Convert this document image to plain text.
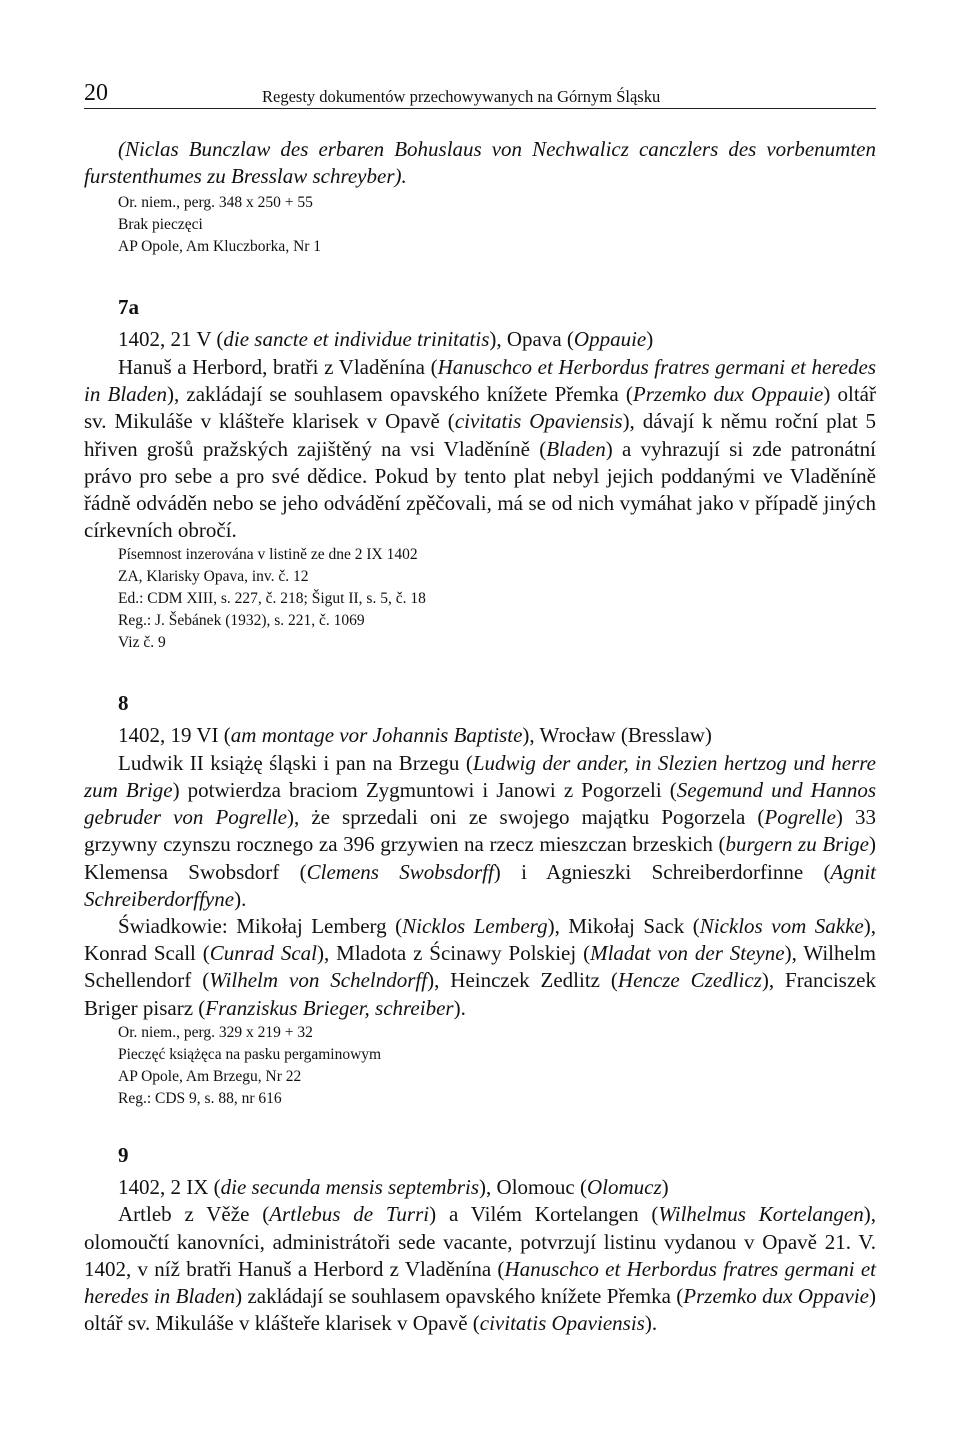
20	Regesty dokumentów przechowywanych na Górnym Śląsku

(Niclas Bunczlaw des erbaren Bohuslaus von Nechwalicz canczlers des vorbenumten furstenthumes zu Bresslaw schreyber).

Or. niem., perg. 348 x 250 + 55
Brak pieczęci
AP Opole, Am Kluczborka, Nr 1
7a
1402, 21 V (die sancte et individue trinitatis), Opava (Oppauie)

Hanuš a Herbord, bratři z Vladěnína (Hanuschco et Herbordus fratres germani et heredes in Bladen), zakládají se souhlasem opavského knížete Přemka (Przemko dux Oppauie) oltář sv. Mikuláše v klášteře klarisek v Opavě (civitatis Opaviensis), dávají k němu roční plat 5 hřiven grošů pražských zajištěný na vsi Vladěníně (Bladen) a vyhrazují si zde patronátní právo pro sebe a pro své dědice. Pokud by tento plat nebyl jejich poddanými ve Vladěníně řádně odváděn nebo se jeho odvádění zpěčovali, má se od nich vymáhat jako v případě jiných církevních obročí.

Písemnost inzerována v listině ze dne 2 IX 1402
ZA, Klarisky Opava, inv. č. 12
Ed.: CDM XIII, s. 227, č. 218; Šigut II, s. 5, č. 18
Reg.: J. Šebánek (1932), s. 221, č. 1069
Viz č. 9
8
1402, 19 VI (am montage vor Johannis Baptiste), Wrocław (Bresslaw)

Ludwik II książę śląski i pan na Brzegu (Ludwig der ander, in Slezien hertzog und herre zum Brige) potwierdza braciom Zygmuntowi i Janowi z Pogorzeli (Segemund und Hannos gebruder von Pogrelle), że sprzedali oni ze swojego majątku Pogorzela (Pogrelle) 33 grzywny czynszu rocznego za 396 grzywien na rzecz mieszczan brzeskich (burgern zu Brige) Klemensa Swobsdorf (Clemens Swobsdorff) i Agnieszki Schreiberdorfinne (Agnit Schreiberdorffyne).

Świadkowie: Mikołaj Lemberg (Nicklos Lemberg), Mikołaj Sack (Nicklos vom Sakke), Konrad Scall (Cunrad Scal), Mladota z Ścinawy Polskiej (Mladat von der Steyne), Wilhelm Schellendorf (Wilhelm von Schelndorff), Heinczek Zedlitz (Hencze Czedlicz), Franciszek Briger pisarz (Franziskus Brieger, schreiber).

Or. niem., perg. 329 x 219 + 32
Pieczęć książęca na pasku pergaminowym
AP Opole, Am Brzegu, Nr 22
Reg.: CDS 9, s. 88, nr 616
9
1402, 2 IX (die secunda mensis septembris), Olomouc (Olomucz)

Artleb z Věže (Artlebus de Turri) a Vilém Kortelangen (Wilhelmus Kortelangen), olomoučtí kanovníci, administrátoři sede vacante, potvrzují listinu vydanou v Opavě 21. V. 1402, v níž bratři Hanuš a Herbord z Vladěnína (Hanuschco et Herbordus fratres germani et heredes in Bladen) zakládají se souhlasem opavského knížete Přemka (Przemko dux Oppavie) oltář sv. Mikuláše v klášteře klarisek v Opavě (civitatis Opaviensis).
